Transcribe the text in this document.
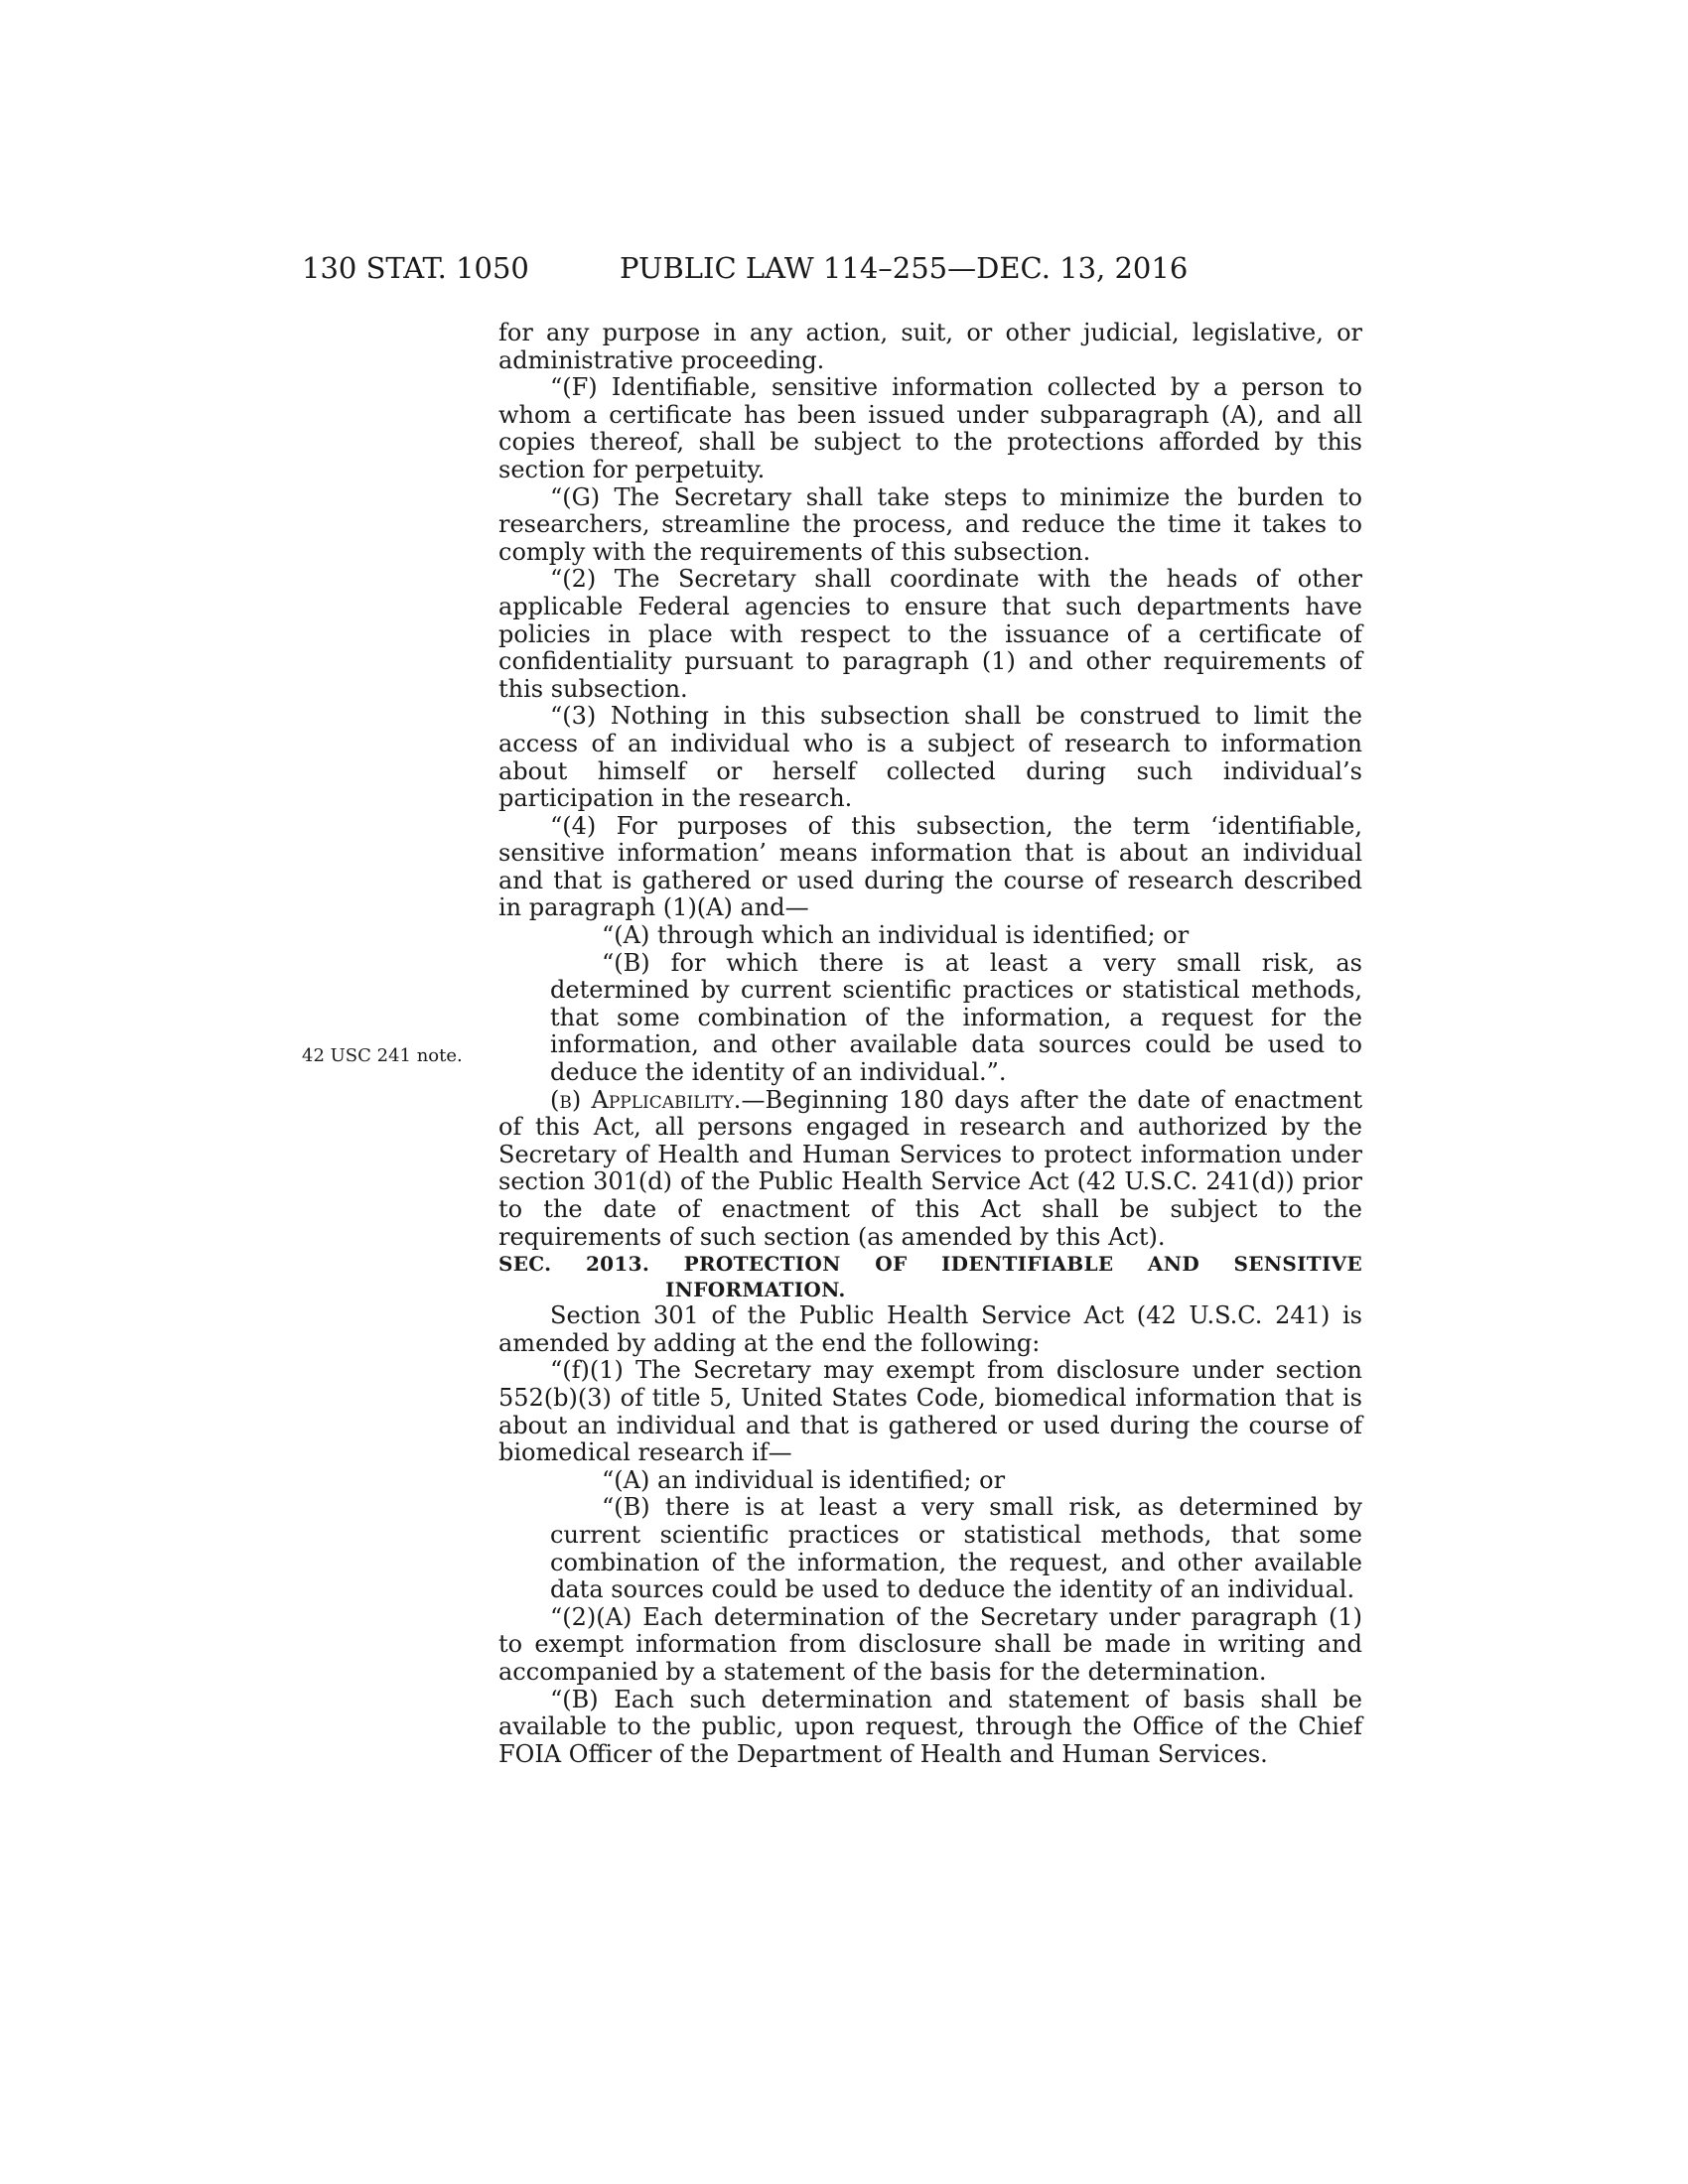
130 STAT. 1050	PUBLIC LAW 114–255—DEC. 13, 2016
42 USC 241 note.

for any purpose in any action, suit, or other judicial, legislative, or administrative proceeding.

“(F) Identifiable, sensitive information collected by a person to whom a certificate has been issued under subparagraph (A), and all copies thereof, shall be subject to the protections afforded by this section for perpetuity.

“(G) The Secretary shall take steps to minimize the burden to researchers, streamline the process, and reduce the time it takes to comply with the requirements of this subsection.

“(2) The Secretary shall coordinate with the heads of other applicable Federal agencies to ensure that such departments have policies in place with respect to the issuance of a certificate of confidentiality pursuant to paragraph (1) and other requirements of this subsection.

“(3) Nothing in this subsection shall be construed to limit the access of an individual who is a subject of research to information about himself or herself collected during such individual’s participation in the research.

“(4) For purposes of this subsection, the term ‘identifiable, sensitive information’ means information that is about an individual and that is gathered or used during the course of research described in paragraph (1)(A) and—

“(A) through which an individual is identified; or

“(B) for which there is at least a very small risk, as determined by current scientific practices or statistical methods, that some combination of the information, a request for the information, and other available data sources could be used to deduce the identity of an individual.”.

(b) Applicability.—Beginning 180 days after the date of enactment of this Act, all persons engaged in research and authorized by the Secretary of Health and Human Services to protect information under section 301(d) of the Public Health Service Act (42 U.S.C. 241(d)) prior to the date of enactment of this Act shall be subject to the requirements of such section (as amended by this Act).

SEC. 2013. PROTECTION OF IDENTIFIABLE AND SENSITIVE INFORMATION.

Section 301 of the Public Health Service Act (42 U.S.C. 241) is amended by adding at the end the following:

“(f)(1) The Secretary may exempt from disclosure under section 552(b)(3) of title 5, United States Code, biomedical information that is about an individual and that is gathered or used during the course of biomedical research if—

“(A) an individual is identified; or

“(B) there is at least a very small risk, as determined by current scientific practices or statistical methods, that some combination of the information, the request, and other available data sources could be used to deduce the identity of an individual.

“(2)(A) Each determination of the Secretary under paragraph (1) to exempt information from disclosure shall be made in writing and accompanied by a statement of the basis for the determination.

“(B) Each such determination and statement of basis shall be available to the public, upon request, through the Office of the Chief FOIA Officer of the Department of Health and Human Services.
